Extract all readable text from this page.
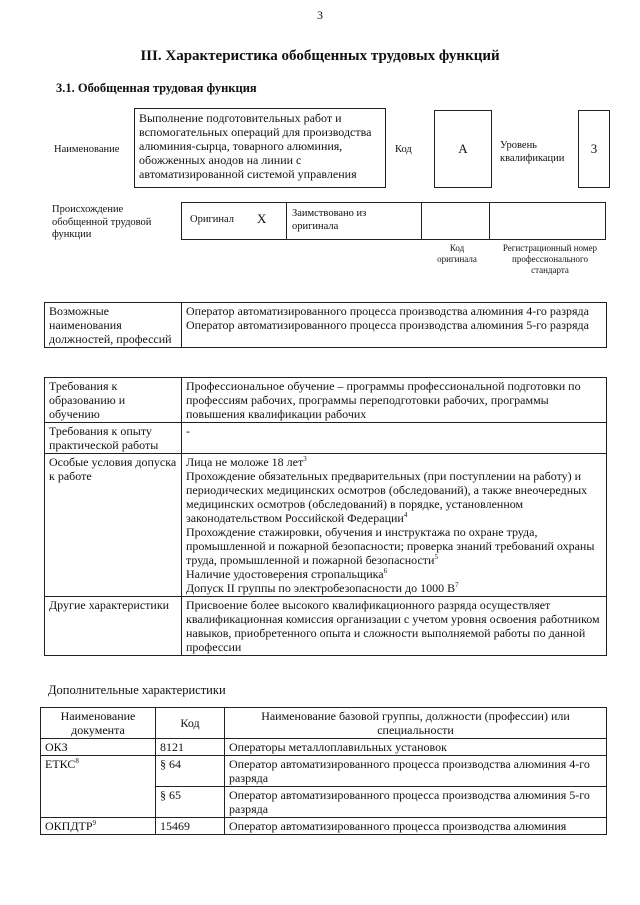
3
III. Характеристика обобщенных трудовых функций
3.1. Обобщенная трудовая функция
Наименование
Выполнение подготовительных работ и вспомогательных операций для производства алюминия-сырца, товарного алюминия, обожженных анодов на линии с автоматизированной системой управления
Код	А	Уровень квалификации
3
Происхождение обобщенной трудовой функции
Оригинал X Заимствовано из оригинала
Код оригинала
Регистрационный номер профессионального стандарта
Возможные наименования должностей, профессий	
Оператор автоматизированного процесса производства алюминия 4-го разряда
Оператор автоматизированного процесса производства алюминия 5-го разряда
Требования к образованию и обучению	Профессиональное обучение – программы профессиональной подготовки по профессиям рабочих, программы переподготовки рабочих, программы повышения квалификации рабочих
Требования к опыту практической работы	-
Особые условия допуска к работе	Лица не моложе 18 лет$^3$
Прохождение обязательных предварительных (при поступлении на работу) и периодических медицинских осмотров (обследований), а также внеочередных медицинских осмотров (обследований) в порядке, установленном законодательством Российской Федерации$^4$
Прохождение стажировки, обучения и инструктажа по охране труда, промышленной и пожарной безопасности; проверка знаний требований охраны труда, промышленной и пожарной безопасности$^5$
Наличие удостоверения стропальщика$^6$
Допуск II группы по электробезопасности до 1000 $В^7$

Другие характеристики	Присвоение более высокого квалификационного разряда осуществляет квалификационная комиссия организации с учетом уровня освоения работником навыков, приобретенного опыта и сложности выполняемой работы по данной профессии
Дополнительные характеристики
Наименование документа	Код	Наименование базовой группы, должности (профессии) или специальности
ОКЗ	8121	Операторы металлоплавильных установок
ЕТКС$^8$	§ 64	Оператор автоматизированного процесса производства алюминия 4-го разряда
	§ 65	Оператор автоматизированного процесса производства алюминия 5-го разряда
ОКПДТР$^9$	15469	Оператор автоматизированного процесса производства алюминия
